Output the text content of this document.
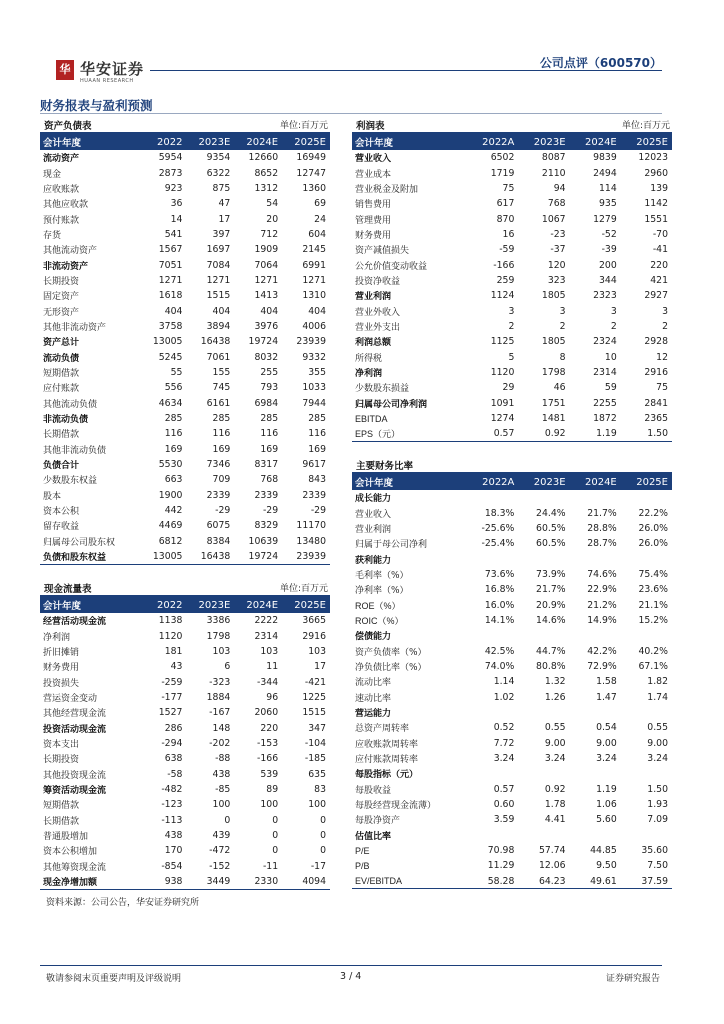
华安
华安证券
HUAAN RESEARCH
公司点评（600570）
财务报表与盈利预测
资产负债表	单位:百万元
会计年度	2022	2023E	2024E	2025E
流动资产	5954	9354	12660	16949
现金	2873	6322	8652	12747
应收账款	923	875	1312	1360
其他应收款	36	47	54	69
预付账款	14	17	20	24
存货	541	397	712	604
其他流动资产	1567	1697	1909	2145
非流动资产	7051	7084	7064	6991
长期投资	1271	1271	1271	1271
固定资产	1618	1515	1413	1310
无形资产	404	404	404	404
其他非流动资产	3758	3894	3976	4006
资产总计	13005	16438	19724	23939
流动负债	5245	7061	8032	9332
短期借款	55	155	255	355
应付账款	556	745	793	1033
其他流动负债	4634	6161	6984	7944
非流动负债	285	285	285	285
长期借款	116	116	116	116
其他非流动负债	169	169	169	169
负债合计	5530	7346	8317	9617
少数股东权益	663	709	768	843
股本	1900	2339	2339	2339
资本公积	442	-29	-29	-29
留存收益	4469	6075	8329	11170
归属母公司股东权	6812	8384	10639	13480
负债和股东权益	13005	16438	19724	23939
利润表	单位:百万元
会计年度	2022A	2023E	2024E	2025E
营业收入	6502	8087	9839	12023
营业成本	1719	2110	2494	2960
营业税金及附加	75	94	114	139
销售费用	617	768	935	1142
管理费用	870	1067	1279	1551
财务费用	16	-23	-52	-70
资产减值损失	-59	-37	-39	-41
公允价值变动收益	-166	120	200	220
投资净收益	259	323	344	421
营业利润	1124	1805	2323	2927
营业外收入	3	3	3	3
营业外支出	2	2	2	2
利润总额	1125	1805	2324	2928
所得税	5	8	10	12
净利润	1120	1798	2314	2916
少数股东损益	29	46	59	75
归属母公司净利润	1091	1751	2255	2841
EBITDA	1274	1481	1872	2365
EPS（元）	0.57	0.92	1.19	1.50
现金流量表	单位:百万元
会计年度	2022	2023E	2024E	2025E
经营活动现金流	1138	3386	2222	3665
净利润	1120	1798	2314	2916
折旧摊销	181	103	103	103
财务费用	43	6	11	17
投资损失	-259	-323	-344	-421
营运资金变动	-177	1884	96	1225
其他经营现金流	1527	-167	2060	1515
投资活动现金流	286	148	220	347
资本支出	-294	-202	-153	-104
长期投资	638	-88	-166	-185
其他投资现金流	-58	438	539	635
筹资活动现金流	-482	-85	89	83
短期借款	-123	100	100	100
长期借款	-113	0	0	0
普通股增加	438	439	0	0
资本公积增加	170	-472	0	0
其他筹资现金流	-854	-152	-11	-17
现金净增加额	938	3449	2330	4094
主要财务比率
会计年度	2022A	2023E	2024E	2025E
成长能力				
营业收入	18.3%	24.4%	21.7%	22.2%
营业利润	-25.6%	60.5%	28.8%	26.0%
归属于母公司净利	-25.4%	60.5%	28.7%	26.0%
获利能力				
毛利率（%）	73.6%	73.9%	74.6%	75.4%
净利率（%）	16.8%	21.7%	22.9%	23.6%
ROE（%）	16.0%	20.9%	21.2%	21.1%
ROIC（%）	14.1%	14.6%	14.9%	15.2%
偿债能力				
资产负债率（%）	42.5%	44.7%	42.2%	40.2%
净负债比率（%）	74.0%	80.8%	72.9%	67.1%
流动比率	1.14	1.32	1.58	1.82
速动比率	1.02	1.26	1.47	1.74
营运能力				
总资产周转率	0.52	0.55	0.54	0.55
应收账款周转率	7.72	9.00	9.00	9.00
应付账款周转率	3.24	3.24	3.24	3.24
每股指标（元）				
每股收益	0.57	0.92	1.19	1.50
每股经营现金流薄）	0.60	1.78	1.06	1.93
每股净资产	3.59	4.41	5.60	7.09
估值比率				
P/E	70.98	57.74	44.85	35.60
P/B	11.29	12.06	9.50	7.50
EV/EBITDA	58.28	64.23	49.61	37.59
资料来源：公司公告，华安证券研究所
敬请参阅末页重要声明及评级说明	3 / 4	证券研究报告
